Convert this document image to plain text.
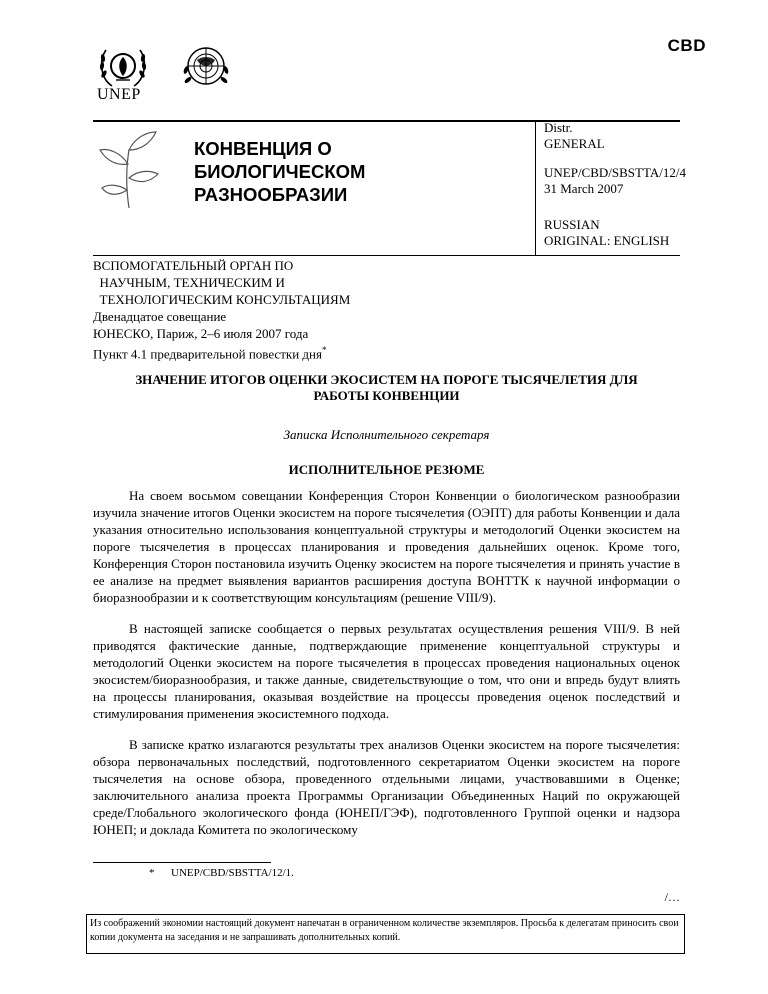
CBD
UNEP
КОНВЕНЦИЯ О
БИОЛОГИЧЕСКОМ
РАЗНООБРАЗИИ

Distr.

GENERAL

UNEP/CBD/SBSTTA/12/4
31 March 2007
RUSSIAN
ORIGINAL: ENGLISH
ВСПОМОГАТЕЛЬНЫЙ ОРГАН ПО
НАУЧНЫМ, ТЕХНИЧЕСКИМ И
ТЕХНОЛОГИЧЕСКИМ КОНСУЛЬТАЦИЯМ
Двенадцатое совещание
ЮНЕСКО, Париж, 2–6 июля 2007 года
Пункт 4.1 предварительной повестки дня*
ЗНАЧЕНИЕ ИТОГОВ ОЦЕНКИ ЭКОСИСТЕМ НА ПОРОГЕ ТЫСЯЧЕЛЕТИЯ ДЛЯ
РАБОТЫ КОНВЕНЦИИ
Записка Исполнительного секретаря
ИСПОЛНИТЕЛЬНОЕ РЕЗЮМЕ

На своем восьмом совещании Конференция Сторон Конвенции о биологическом разнообразии изучила значение итогов Оценки экосистем на пороге тысячелетия (ОЭПТ) для работы Конвенции и дала указания относительно использования концептуальной структуры и методологий Оценки экосистем на пороге тысячелетия в процессах планирования и проведения дальнейших оценок. Кроме того, Конференция Сторон постановила изучить Оценку экосистем на пороге тысячелетия и принять участие в ее анализе на предмет выявления вариантов расширения доступа ВОНТТК к научной информации о биоразнообразии и к соответствующим консультациям (решение VIII/9).

В настоящей записке сообщается о первых результатах осуществления решения VIII/9. В ней приводятся фактические данные, подтверждающие применение концептуальной структуры и методологий Оценки экосистем на пороге тысячелетия в процессах проведения национальных оценок экосистем/биоразнообразия, и также данные, свидетельствующие о том, что они и впредь будут влиять на процессы планирования, оказывая воздействие на процессы проведения оценок последствий и стимулирования применения экосистемного подхода.

В записке кратко излагаются результаты трех анализов Оценки экосистем на пороге тысячелетия: обзора первоначальных последствий, подготовленного секретариатом Оценки экосистем на пороге тысячелетия на основе обзора, проведенного отдельными лицами, участвовавшими в Оценке; заключительного анализа проекта Программы Организации Объединенных Наций по окружающей среде/Глобального экологического фонда (ЮНЕП/ГЭФ), подготовленного Группой оценки и надзора ЮНЕП; и доклада Комитета по экологическому

* UNEP/CBD/SBSTTA/12/1.
/…
Из соображений экономии настоящий документ напечатан в ограниченном количестве экземпляров. Просьба к делегатам приносить свои копии документа на заседания и не запрашивать дополнительных копий.
